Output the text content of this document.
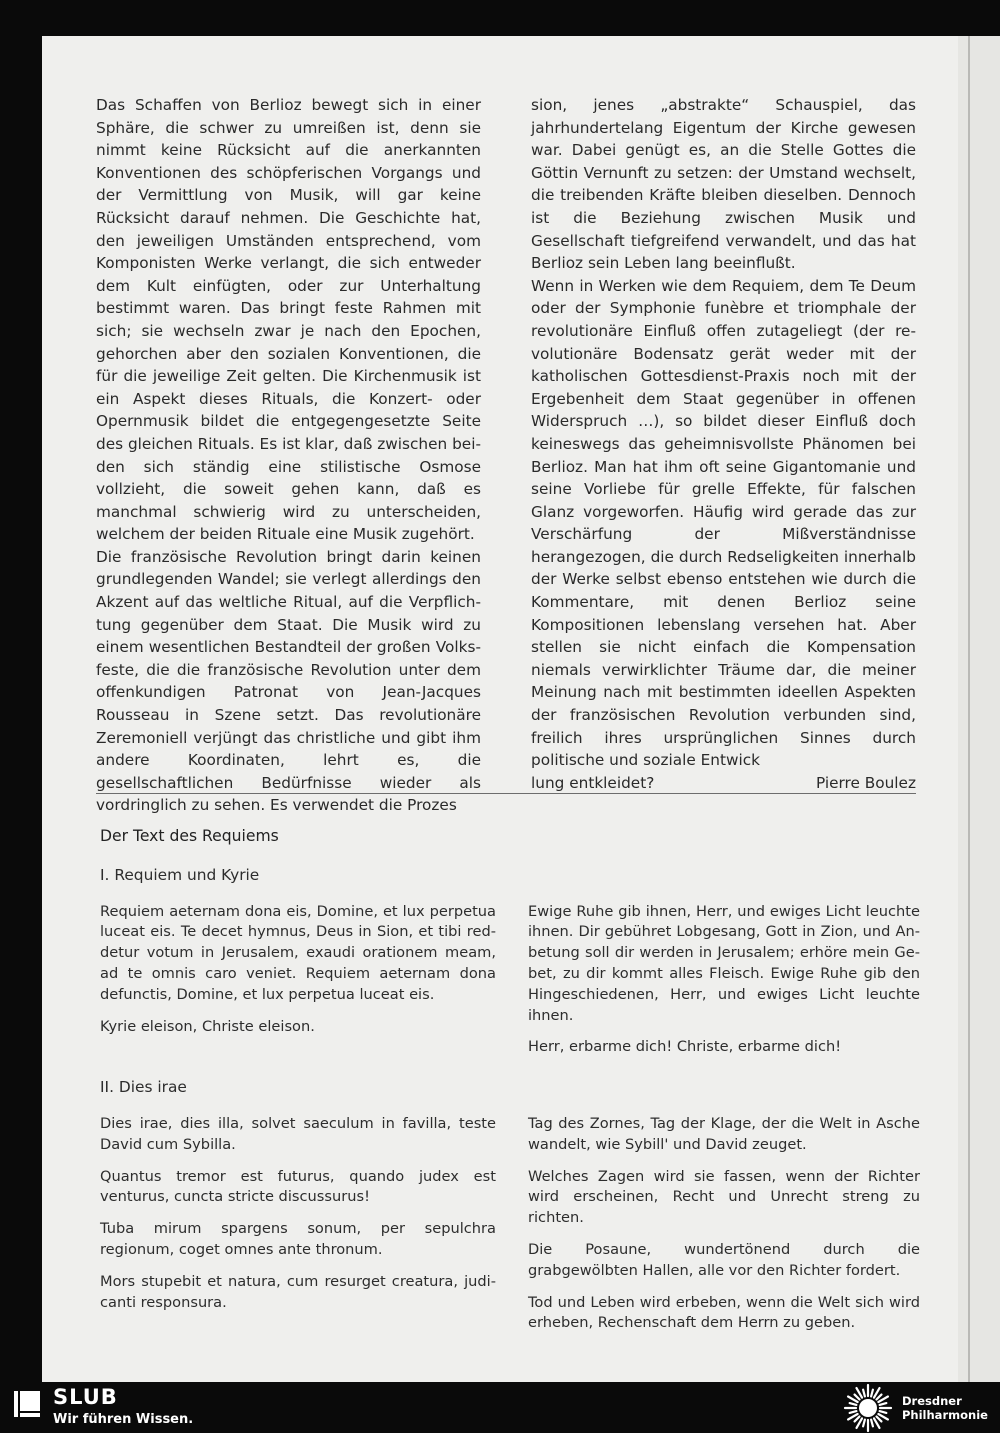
Das Schaffen von Berlioz bewegt sich in einer Sphäre, die schwer zu umreißen ist, denn sie nimmt keine Rücksicht auf die anerkannten Konventionen des schöpferischen Vorgangs und der Vermittlung von Musik, will gar keine Rücksicht darauf nehmen. Die Geschichte hat, den jeweiligen Umständen entsprechend, vom Komponisten Werke verlangt, die sich entweder dem Kult einfügten, oder zur Unterhaltung bestimmt waren. Das bringt feste Rahmen mit sich; sie wechseln zwar je nach den Epochen, gehorchen aber den sozialen Konventionen, die für die jeweilige Zeit gelten. Die Kirchenmusik ist ein Aspekt dieses Rituals, die Konzert- oder Opernmusik bildet die entgegengesetzte Seite des gleichen Rituals. Es ist klar, daß zwischen beiden sich ständig eine stilistische Osmose vollzieht, die soweit gehen kann, daß es manchmal schwierig wird zu unterscheiden, welchem der beiden Rituale eine Musik zugehört.

Die französische Revolution bringt darin keinen grundlegenden Wandel; sie verlegt allerdings den Akzent auf das weltliche Ritual, auf die Verpflichtung gegenüber dem Staat. Die Musik wird zu einem wesentlichen Bestandteil der großen Volksfeste, die die französische Revolution unter dem offenkundigen Patronat von Jean-Jacques Rousseau in Szene setzt. Das revolutionäre Zeremoniell verjüngt das christliche und gibt ihm andere Koordinaten, lehrt es, die gesellschaftlichen Bedürfnisse wieder als vordringlich zu sehen. Es verwendet die Prozes

sion, jenes „abstrakte“ Schauspiel, das jahrhundertelang Eigentum der Kirche gewesen war. Dabei genügt es, an die Stelle Gottes die Göttin Vernunft zu setzen: der Umstand wechselt, die treibenden Kräfte bleiben dieselben. Dennoch ist die Beziehung zwischen Musik und Gesellschaft tiefgreifend verwandelt, und das hat Berlioz sein Leben lang beeinflußt.

Wenn in Werken wie dem Requiem, dem Te Deum oder der Symphonie funèbre et triomphale der revolutionäre Einfluß offen zutageliegt (der revolutionäre Bodensatz gerät weder mit der katholischen Gottesdienst-Praxis noch mit der Ergebenheit dem Staat gegenüber in offenen Widerspruch …), so bildet dieser Einfluß doch keineswegs das geheimnisvollste Phänomen bei Berlioz. Man hat ihm oft seine Gigantomanie und seine Vorliebe für grelle Effekte, für falschen Glanz vorgeworfen. Häufig wird gerade das zur Verschärfung der Mißverständnisse herangezogen, die durch Redseligkeiten innerhalb der Werke selbst ebenso entstehen wie durch die Kommentare, mit denen Berlioz seine Kompositionen lebenslang versehen hat. Aber stellen sie nicht einfach die Kompensation niemals verwirklichter Träume dar, die meiner Meinung nach mit bestimmten ideellen Aspekten der französischen Revolution verbunden sind, freilich ihres ursprünglichen Sinnes durch politische und soziale Entwick

lung entkleidet?	Pierre Boulez
Der Text des Requiems
I. Requiem und Kyrie

Requiem aeternam dona eis, Domine, et lux perpetua luceat eis. Te decet hymnus, Deus in Sion, et tibi reddetur votum in Jerusalem, exaudi orationem meam, ad te omnis caro veniet. Requiem aeternam dona defunctis, Domine, et lux perpetua luceat eis.

Kyrie eleison, Christe eleison.

Ewige Ruhe gib ihnen, Herr, und ewiges Licht leuchte ihnen. Dir gebühret Lobgesang, Gott in Zion, und Anbetung soll dir werden in Jerusalem; erhöre mein Gebet, zu dir kommt alles Fleisch. Ewige Ruhe gib den Hingeschiedenen, Herr, und ewiges Licht leuchte ihnen.

Herr, erbarme dich! Christe, erbarme dich!

II. Dies irae

Dies irae, dies illa, solvet saeculum in favilla, teste David cum Sybilla.

Quantus tremor est futurus, quando judex est venturus, cuncta stricte discussurus!

Tuba mirum spargens sonum, per sepulchra regionum, coget omnes ante thronum.

Mors stupebit et natura, cum resurget creatura, judicanti responsura.

Tag des Zornes, Tag der Klage, der die Welt in Asche wandelt, wie Sybill' und David zeuget.

Welches Zagen wird sie fassen, wenn der Richter wird erscheinen, Recht und Unrecht streng zu richten.

Die Posaune, wundertönend durch die grabgewölbten Hallen, alle vor den Richter fordert.

Tod und Leben wird erbeben, wenn die Welt sich wird erheben, Rechenschaft dem Herrn zu geben.

SLUB
Wir führen Wissen.
Dresdner
Philharmonie
